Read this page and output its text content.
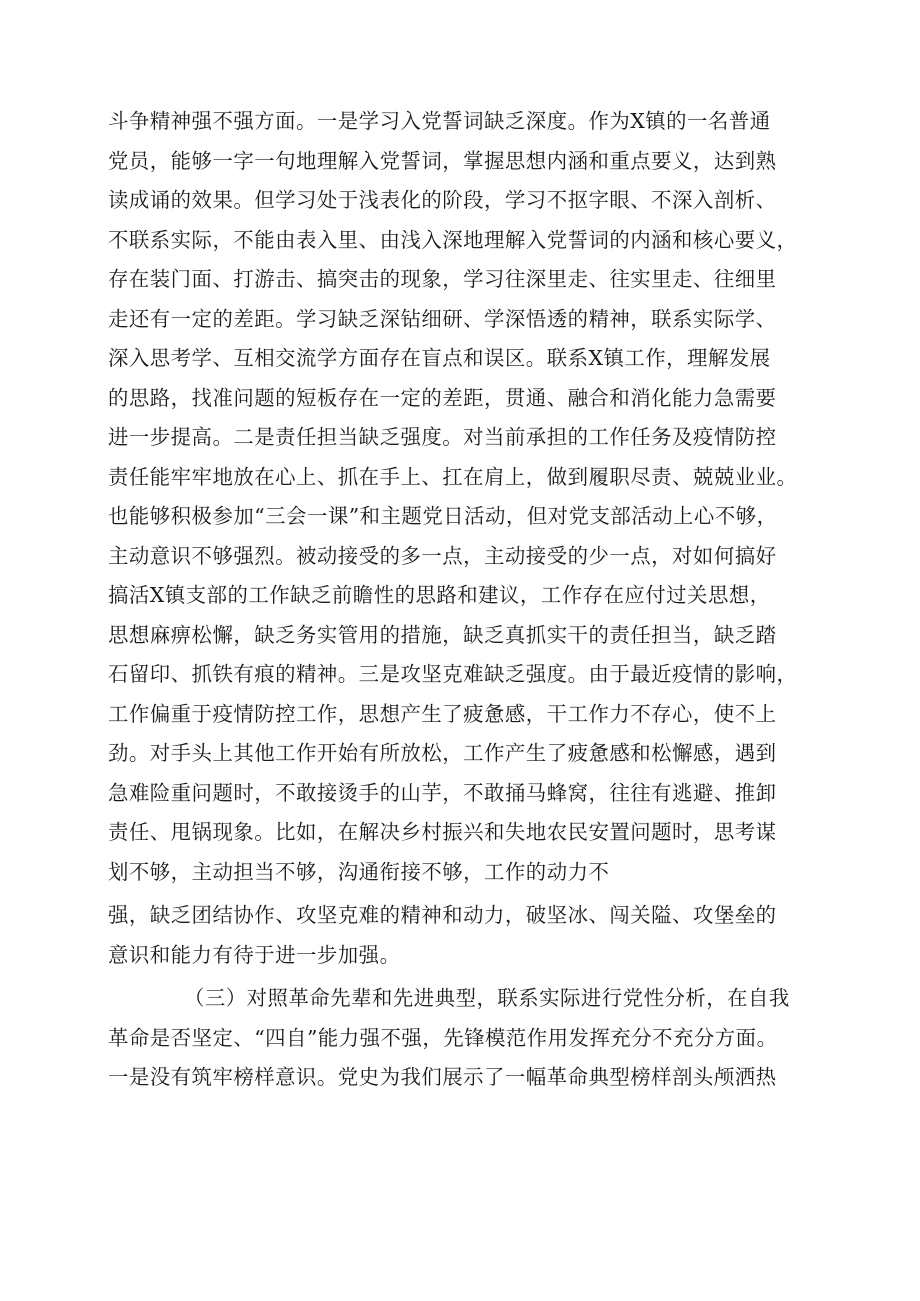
斗争精神强不强方面。一是学习入党誓词缺乏深度。作为X镇的一名普通
党员，能够一字一句地理解入党誓词，掌握思想内涵和重点要义，达到熟
读成诵的效果。但学习处于浅表化的阶段，学习不抠字眼、不深入剖析、
不联系实际，不能由表入里、由浅入深地理解入党誓词的内涵和核心要义，
存在装门面、打游击、搞突击的现象，学习往深里走、往实里走、往细里
走还有一定的差距。学习缺乏深钻细研、学深悟透的精神，联系实际学、
深入思考学、互相交流学方面存在盲点和误区。联系X镇工作，理解发展
的思路，找准问题的短板存在一定的差距，贯通、融合和消化能力急需要
进一步提高。二是责任担当缺乏强度。对当前承担的工作任务及疫情防控
责任能牢牢地放在心上、抓在手上、扛在肩上，做到履职尽责、兢兢业业。
也能够积极参加“三会一课”和主题党日活动，但对党支部活动上心不够，
主动意识不够强烈。被动接受的多一点，主动接受的少一点，对如何搞好
搞活X镇支部的工作缺乏前瞻性的思路和建议，工作存在应付过关思想，
思想麻痹松懈，缺乏务实管用的措施，缺乏真抓实干的责任担当，缺乏踏
石留印、抓铁有痕的精神。三是攻坚克难缺乏强度。由于最近疫情的影响，
工作偏重于疫情防控工作，思想产生了疲惫感，干工作力不存心，使不上
劲。对手头上其他工作开始有所放松，工作产生了疲惫感和松懈感，遇到
急难险重问题时，不敢接烫手的山芋，不敢捅马蜂窝，往往有逃避、推卸
责任、甩锅现象。比如，在解决乡村振兴和失地农民安置问题时，思考谋
划不够，主动担当不够，沟通衔接不够，工作的动力不
强，缺乏团结协作、攻坚克难的精神和动力，破坚冰、闯关隘、攻堡垒的
意识和能力有待于进一步加强。
（三）对照革命先辈和先进典型，联系实际进行党性分析，在自我
革命是否坚定、“四自”能力强不强，先锋模范作用发挥充分不充分方面。
一是没有筑牢榜样意识。党史为我们展示了一幅革命典型榜样剖头颅洒热
